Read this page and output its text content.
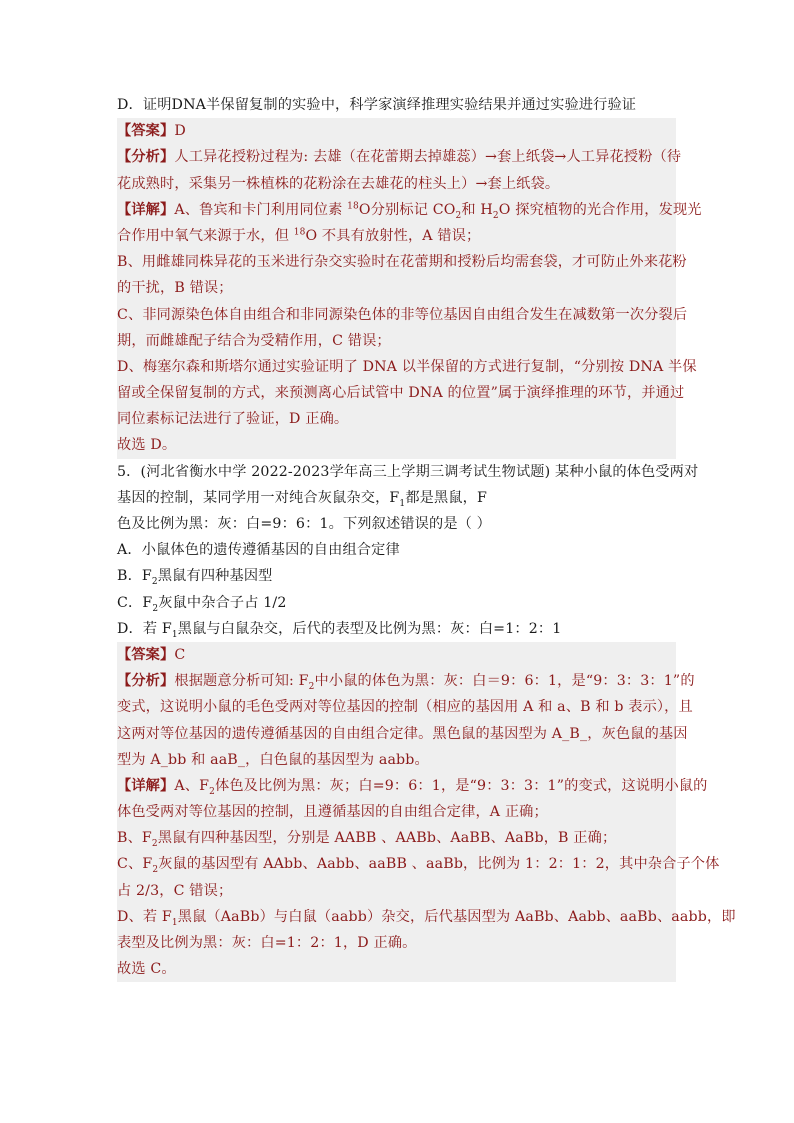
D．证明DNA半保留复制的实验中，科学家演绎推理实验结果并通过实验进行验证
【答案】D
【分析】人工异花授粉过程为: 去雄（在花蕾期去掉雄蕊）→套上纸袋→人工异花授粉（待
花成熟时，采集另一株植株的花粉涂在去雄花的柱头上）→套上纸袋。
【详解】A、鲁宾和卡门利用同位素 $^{18}$O分别标记 $CO_2$和 $H_2O$ 探究植物的光合作用，发现光
合作用中氧气来源于水，但 $^{18}$O 不具有放射性，A 错误；
B、用雌雄同株异花的玉米进行杂交实验时在花蕾期和授粉后均需套袋，才可防止外来花粉
的干扰，B 错误；
C、非同源染色体自由组合和非同源染色体的非等位基因自由组合发生在减数第一次分裂后
期，而雌雄配子结合为受精作用，C 错误；
D、梅塞尔森和斯塔尔通过实验证明了 DNA 以半保留的方式进行复制，“分别按 DNA 半保
留或全保留复制的方式，来预测离心后试管中 DNA 的位置”属于演绎推理的环节，并通过
同位素标记法进行了验证，D 正确。
故选 D。
5．(河北省衡水中学 2022-2023学年高三上学期三调考试生物试题) 某种小鼠的体色受两对
基因的控制，某同学用一对纯合灰鼠杂交，$F_1$都是黑鼠，F
色及比例为黑：灰：白=9：6：1。下列叙述错误的是（ ）
A．小鼠体色的遗传遵循基因的自由组合定律
B．$F_2$黑鼠有四种基因型
C．$F_2$灰鼠中杂合子占 1/2
D．若 $F_1$黑鼠与白鼠杂交，后代的表型及比例为黑：灰：白=1：2：1
【答案】C
【分析】根据题意分析可知: $F_2$中小鼠的体色为黑：灰：白＝9：6：1，是“9：3：3：1”的
变式，这说明小鼠的毛色受两对等位基因的控制（相应的基因用 A 和 a、B 和 b 表示），且
这两对等位基因的遗传遵循基因的自由组合定律。黑色鼠的基因型为 A_B_，灰色鼠的基因
型为 A_bb 和 aaB_，白色鼠的基因型为 aabb。
【详解】A、$F_2$体色及比例为黑：灰；白=9：6：1，是“9：3：3：1”的变式，这说明小鼠的
体色受两对等位基因的控制，且遵循基因的自由组合定律，A 正确；
B、$F_2$黑鼠有四种基因型，分别是 AABB 、AABb、AaBB、AaBb，B 正确；
C、$F_2$灰鼠的基因型有 AAbb、Aabb、aaBB 、aaBb，比例为 1：2：1：2，其中杂合子个体
占 2/3，C 错误；
D、若 $F_1$黑鼠（AaBb）与白鼠（aabb）杂交，后代基因型为 AaBb、Aabb、aaBb、aabb，即
表型及比例为黑：灰：白=1：2：1，D 正确。
故选 C。
